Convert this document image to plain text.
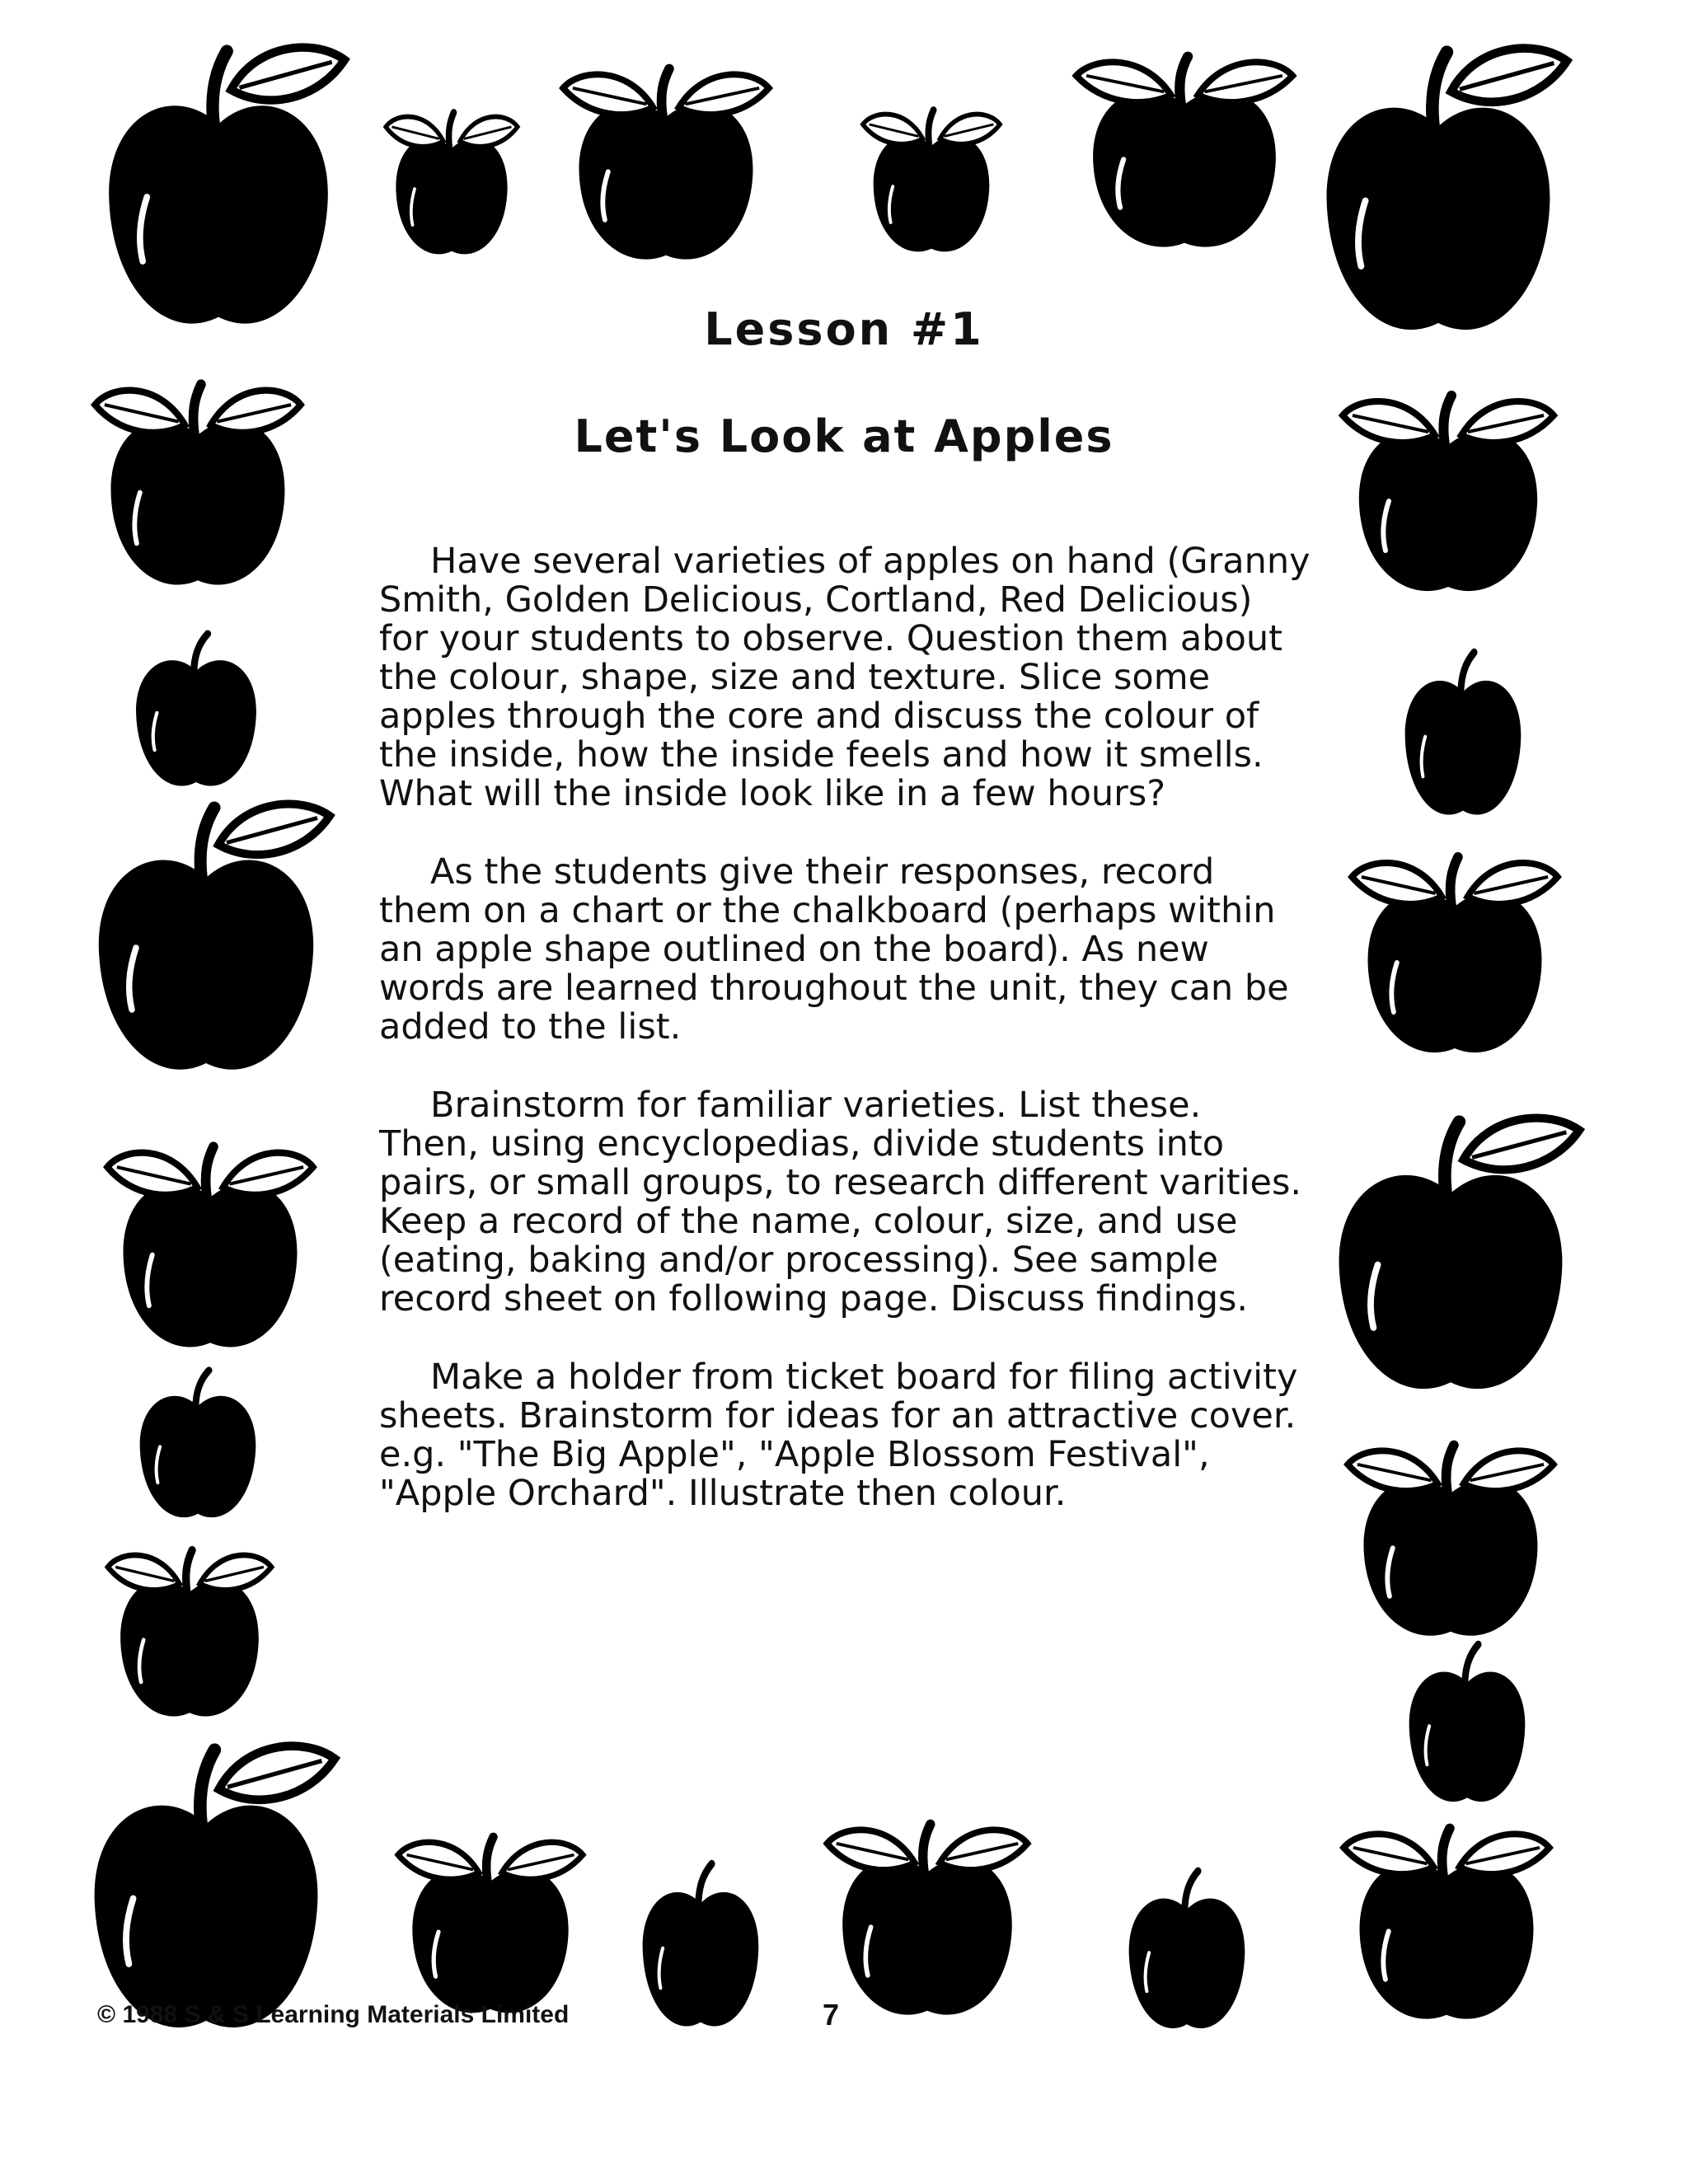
Lesson #1
Let's Look at Apples

Have several varieties of apples on hand (Granny Smith, Golden Delicious, Cortland, Red Delicious) for your students to observe. Question them about the colour, shape, size and texture. Slice some apples through the core and discuss the colour of the inside, how the inside feels and how it smells. What will the inside look like in a few hours?

As the students give their responses, record them on a chart or the chalkboard (perhaps within an apple shape outlined on the board). As new words are learned throughout the unit, they can be added to the list.

Brainstorm for familiar varieties. List these. Then, using encyclopedias, divide students into pairs, or small groups, to research different varities. Keep a record of the name, colour, size, and use (eating, baking and/or processing). See sample record sheet on following page. Discuss findings.

Make a holder from ticket board for filing activity sheets. Brainstorm for ideas for an attractive cover. e.g. "The Big Apple", "Apple Blossom Festival", "Apple Orchard". Illustrate then colour.

© 1988 S & S Learning Materials Limited	7
